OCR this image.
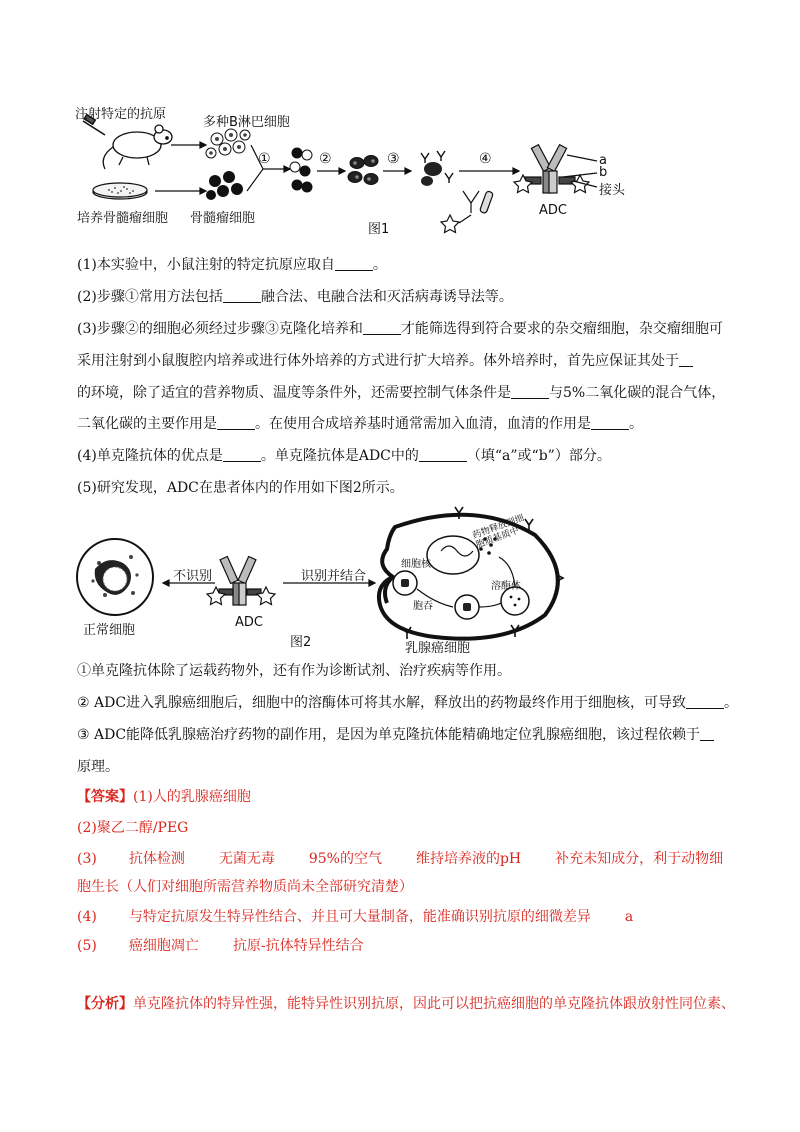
注射特定的抗原
多种B淋巴细胞
培养骨髓瘤细胞 骨髓瘤细胞
①	②	③	④	a
b
接头
ADC
图1
(1)本实验中，小鼠注射的特定抗原应取自	。
(2)步骤①常用方法包括	融合法、电融合法和灭活病毒诱导法等。
(3)步骤②的细胞必须经过步骤③克隆化培养和	才能筛选得到符合要求的杂交瘤细胞，杂交瘤细胞可
采用注射到小鼠腹腔内培养或进行体外培养的方式进行扩大培养。体外培养时，首先应保证其处于
的环境，除了适宜的营养物质、温度等条件外，还需要控制气体条件是	与5%二氧化碳的混合气体，
二氧化碳的主要作用是	。在使用合成培养基时通常需加入血清，血清的作用是	。
(4)单克隆抗体的优点是	。单克隆抗体是ADC中的	（填“a”或“b”）部分。
(5)研究发现，ADC在患者体内的作用如下图2所示。
不识别	识别并结合
正常细胞
ADC
图2	乳腺癌细胞
细胞核
药物释放到细胞质基质中
溶酶体
胞吞
①单克隆抗体除了运载药物外，还有作为诊断试剂、治疗疾病等作用。
② ADC进入乳腺癌细胞后，细胞中的溶酶体可将其水解，释放出的药物最终作用于细胞核，可导致	。
③ ADC能降低乳腺癌治疗药物的副作用，是因为单克隆抗体能精确地定位乳腺癌细胞，该过程依赖于
原理。
【答案】(1)人的乳腺癌细胞
(2)聚乙二醇/PEG
(3) 抗体检测 无菌无毒 95%的空气 维持培养液的pH 补充未知成分，利于动物细
胞生长（人们对细胞所需营养物质尚未全部研究清楚）
(4) 与特定抗原发生特异性结合、并且可大量制备，能准确识别抗原的细微差异 a
(5) 癌细胞凋亡 抗原-抗体特异性结合
【分析】单克隆抗体的特异性强，能特异性识别抗原，因此可以把抗癌细胞的单克隆抗体跟放射性同位素、
